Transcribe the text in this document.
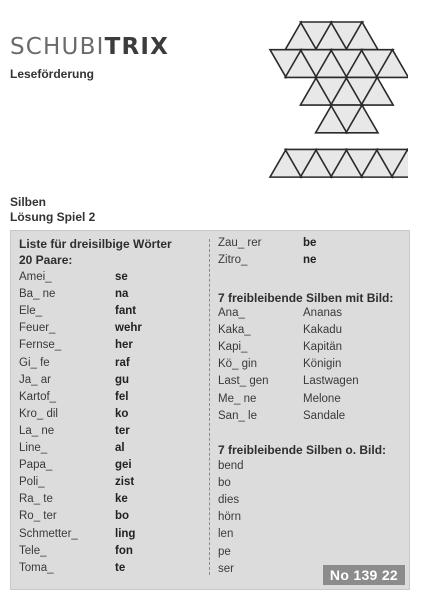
SCHUBITRIX
Leseförderung
Silben
Lösung Spiel 2
Liste für dreisilbige Wörter
20 Paare:
Amei_	se
Ba_ ne	na
Ele_	fant
Feuer_	wehr
Fernse_	her
Gi_ fe	raf
Ja_ ar	gu
Kartof_	fel
Kro_ dil	ko
La_ ne	ter
Line_	al
Papa_	gei
Poli_	zist
Ra_ te	ke
Ro_ ter	bo
Schmetter_	ling
Tele_	fon
Toma_	te
Zau_ rer	be
Zitro_	ne
7 freibleibende Silben mit Bild:
Ana_	Ananas
Kaka_	Kakadu
Kapi_	Kapitän
Kö_ gin	Königin
Last_ gen	Lastwagen
Me_ ne	Melone
San_ le	Sandale
7 freibleibende Silben o. Bild:
bend
bo
dies
hörn
len
pe
ser	No 139 22
